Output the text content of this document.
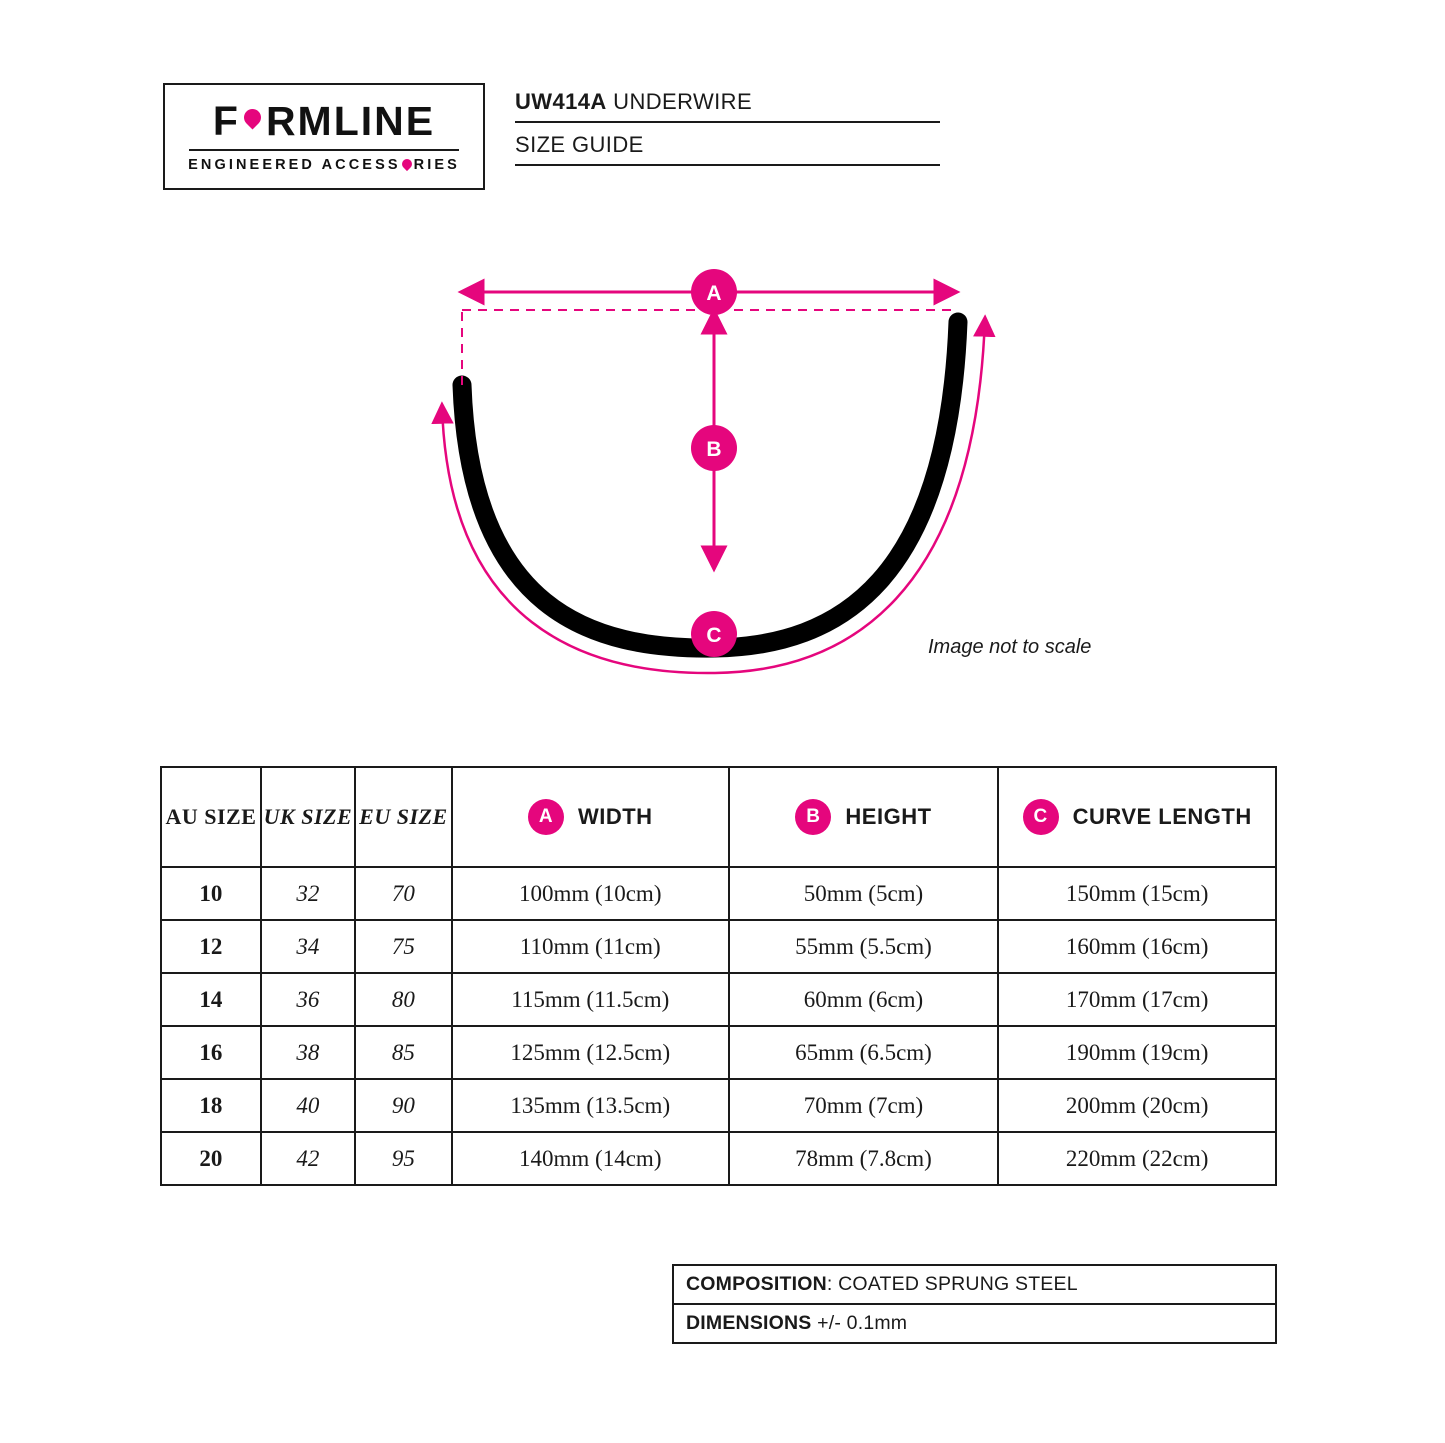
F RMLINE
ENGINEERED ACCESS RIES
UW414A UNDERWIRE
SIZE GUIDE
A
B
C	Image not to scale
AU SIZE	UK SIZE	EU SIZE	A WIDTH	B HEIGHT	C CURVE LENGTH

10	32	70	100mm (10cm)	50mm (5cm)	150mm (15cm)
12	34	75	110mm (11cm)	55mm (5.5cm)	160mm (16cm)
14	36	80	115mm (11.5cm)	60mm (6cm)	170mm (17cm)
16	38	85	125mm (12.5cm)	65mm (6.5cm)	190mm (19cm)
18	40	90	135mm (13.5cm)	70mm (7cm)	200mm (20cm)
20	42	95	140mm (14cm)	78mm (7.8cm)	220mm (22cm)
COMPOSITION: COATED SPRUNG STEEL
DIMENSIONS +/- 0.1mm
